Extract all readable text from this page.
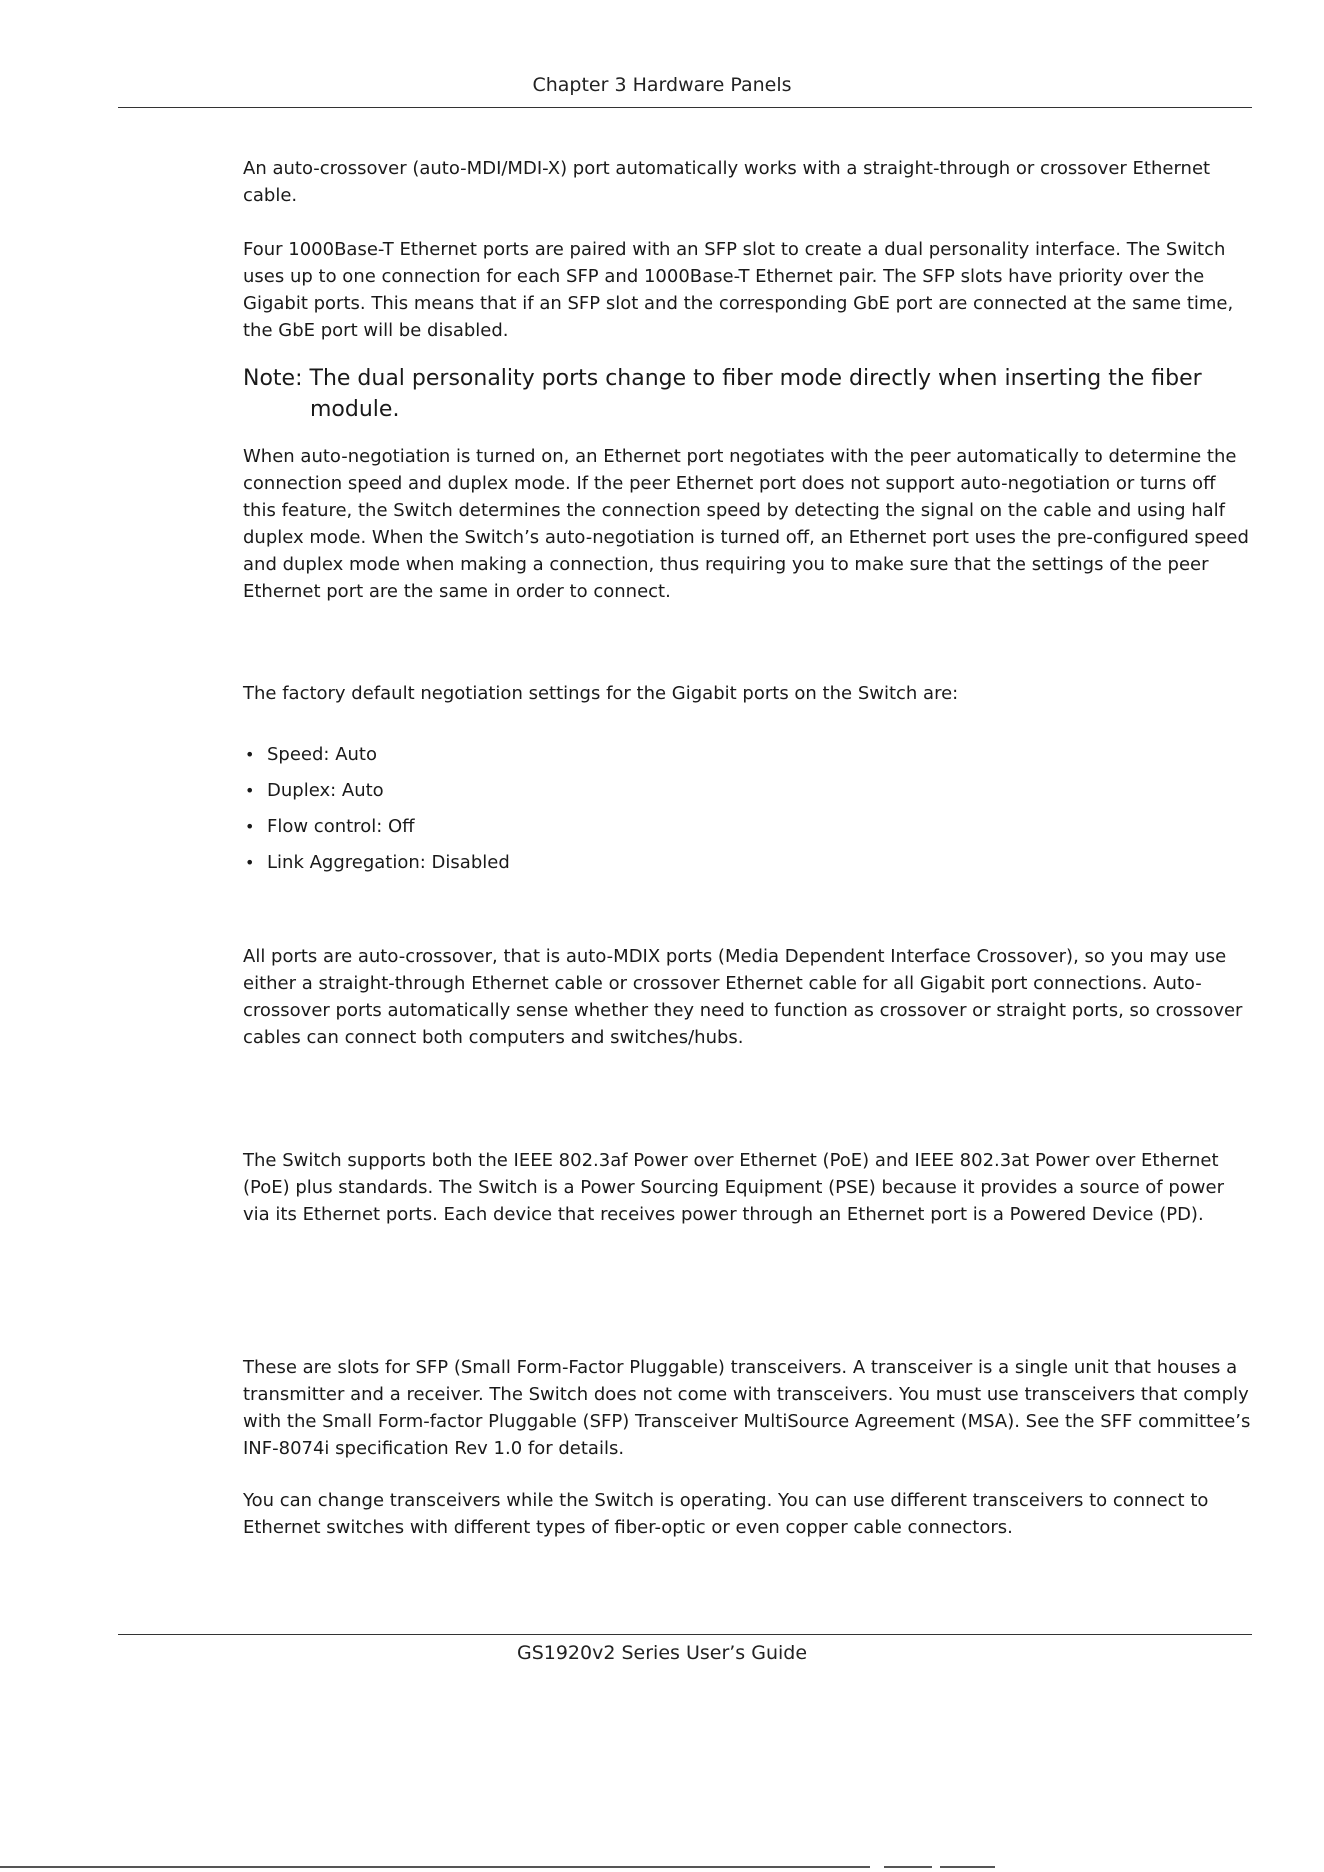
Chapter 3 Hardware Panels

An auto-crossover (auto-MDI/MDI-X) port automatically works with a straight-through or crossover Ethernet cable.

Four 1000Base-T Ethernet ports are paired with an SFP slot to create a dual personality interface. The Switch uses up to one connection for each SFP and 1000Base-T Ethernet pair. The SFP slots have priority over the Gigabit ports. This means that if an SFP slot and the corresponding GbE port are connected at the same time, the GbE port will be disabled.

Note: The dual personality ports change to fiber mode directly when inserting the fiber
module.

When auto-negotiation is turned on, an Ethernet port negotiates with the peer automatically to determine the connection speed and duplex mode. If the peer Ethernet port does not support auto-negotiation or turns off this feature, the Switch determines the connection speed by detecting the signal on the cable and using half duplex mode. When the Switch’s auto-negotiation is turned off, an Ethernet port uses the pre-configured speed and duplex mode when making a connection, thus requiring you to make sure that the settings of the peer Ethernet port are the same in order to connect.

The factory default negotiation settings for the Gigabit ports on the Switch are:

• Speed: Auto
• Duplex: Auto
• Flow control: Off
• Link Aggregation: Disabled

All ports are auto-crossover, that is auto-MDIX ports (Media Dependent Interface Crossover), so you may use either a straight-through Ethernet cable or crossover Ethernet cable for all Gigabit port connections. Auto-crossover ports automatically sense whether they need to function as crossover or straight ports, so crossover cables can connect both computers and switches/hubs.

The Switch supports both the IEEE 802.3af Power over Ethernet (PoE) and IEEE 802.3at Power over Ethernet (PoE) plus standards. The Switch is a Power Sourcing Equipment (PSE) because it provides a source of power via its Ethernet ports. Each device that receives power through an Ethernet port is a Powered Device (PD).

These are slots for SFP (Small Form-Factor Pluggable) transceivers. A transceiver is a single unit that houses a transmitter and a receiver. The Switch does not come with transceivers. You must use transceivers that comply with the Small Form-factor Pluggable (SFP) Transceiver MultiSource Agreement (MSA). See the SFF committee’s INF-8074i specification Rev 1.0 for details.

You can change transceivers while the Switch is operating. You can use different transceivers to connect to Ethernet switches with different types of fiber-optic or even copper cable connectors.

GS1920v2 Series User’s Guide
